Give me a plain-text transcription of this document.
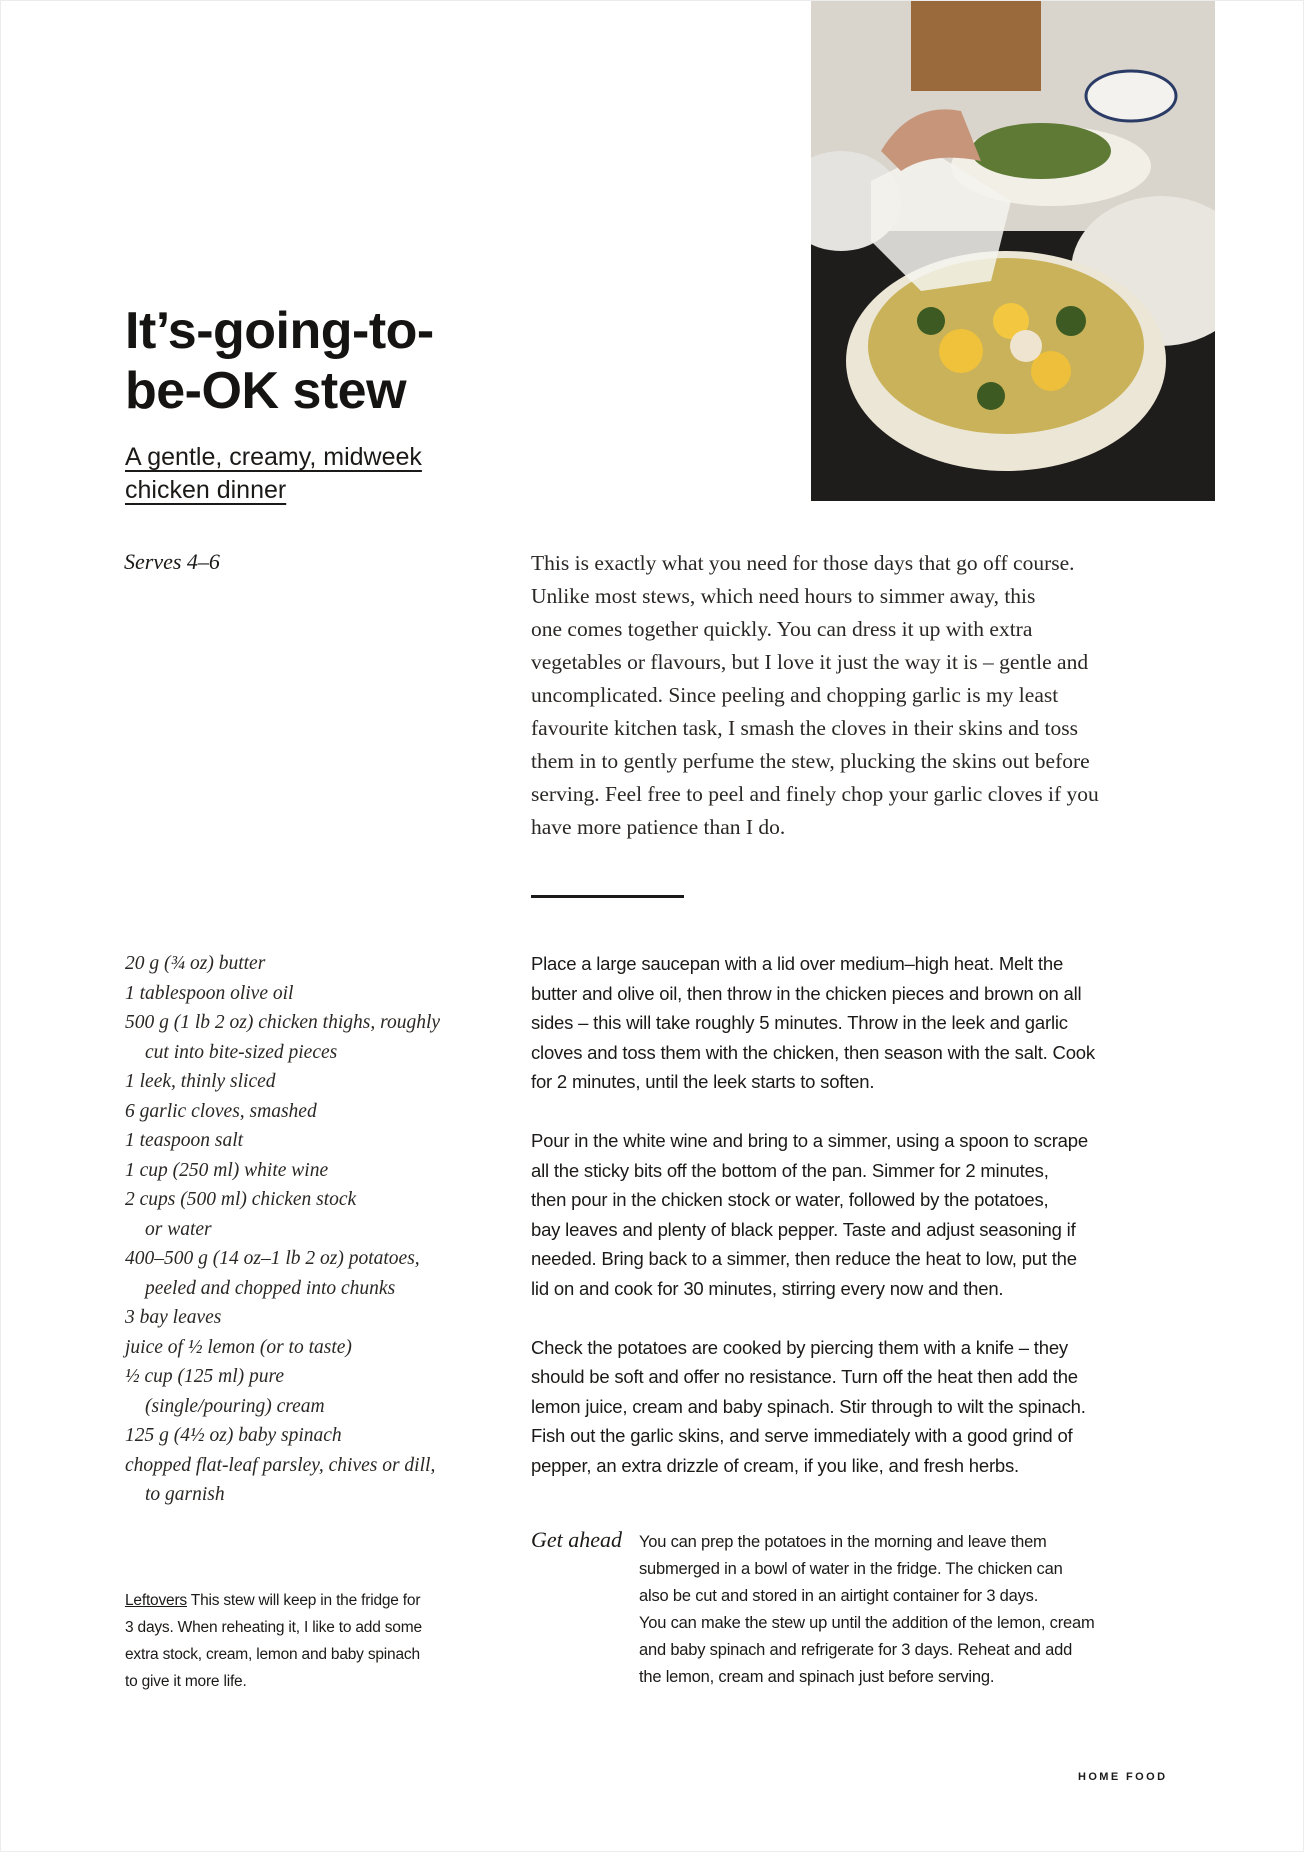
It’s-going-to-
be-OK stew
A gentle, creamy, midweek
chicken dinner
Serves 4–6	This is exactly what you need for those days that go off course.
Unlike most stews, which need hours to simmer away, this
one comes together quickly. You can dress it up with extra
vegetables or flavours, but I love it just the way it is – gentle and
uncomplicated. Since peeling and chopping garlic is my least
favourite kitchen task, I smash the cloves in their skins and toss
them in to gently perfume the stew, plucking the skins out before
serving. Feel free to peel and finely chop your garlic cloves if you
have more patience than I do.
20 g (¾ oz) butter
1 tablespoon olive oil
500 g (1 lb 2 oz) chicken thighs, roughly
cut into bite-sized pieces
1 leek, thinly sliced
6 garlic cloves, smashed
1 teaspoon salt
1 cup (250 ml) white wine
2 cups (500 ml) chicken stock
or water
400–500 g (14 oz–1 lb 2 oz) potatoes,
peeled and chopped into chunks
3 bay leaves
juice of ½ lemon (or to taste)
½ cup (125 ml) pure
(single/pouring) cream
125 g (4½ oz) baby spinach
chopped flat-leaf parsley, chives or dill,
to garnish

Place a large saucepan with a lid over medium–high heat. Melt the
butter and olive oil, then throw in the chicken pieces and brown on all
sides – this will take roughly 5 minutes. Throw in the leek and garlic
cloves and toss them with the chicken, then season with the salt. Cook
for 2 minutes, until the leek starts to soften.

Pour in the white wine and bring to a simmer, using a spoon to scrape
all the sticky bits off the bottom of the pan. Simmer for 2 minutes,
then pour in the chicken stock or water, followed by the potatoes,
bay leaves and plenty of black pepper. Taste and adjust seasoning if
needed. Bring back to a simmer, then reduce the heat to low, put the
lid on and cook for 30 minutes, stirring every now and then.

Check the potatoes are cooked by piercing them with a knife – they
should be soft and offer no resistance. Turn off the heat then add the
lemon juice, cream and baby spinach. Stir through to wilt the spinach.
Fish out the garlic skins, and serve immediately with a good grind of
pepper, an extra drizzle of cream, if you like, and fresh herbs.

Get ahead You can prep the potatoes in the morning and leave them
submerged in a bowl of water in the fridge. The chicken can
also be cut and stored in an airtight container for 3 days.
You can make the stew up until the addition of the lemon, cream
and baby spinach and refrigerate for 3 days. Reheat and add
the lemon, cream and spinach just before serving.
Leftovers This stew will keep in the fridge for
3 days. When reheating it, I like to add some
extra stock, cream, lemon and baby spinach
to give it more life.
HOME FOOD
